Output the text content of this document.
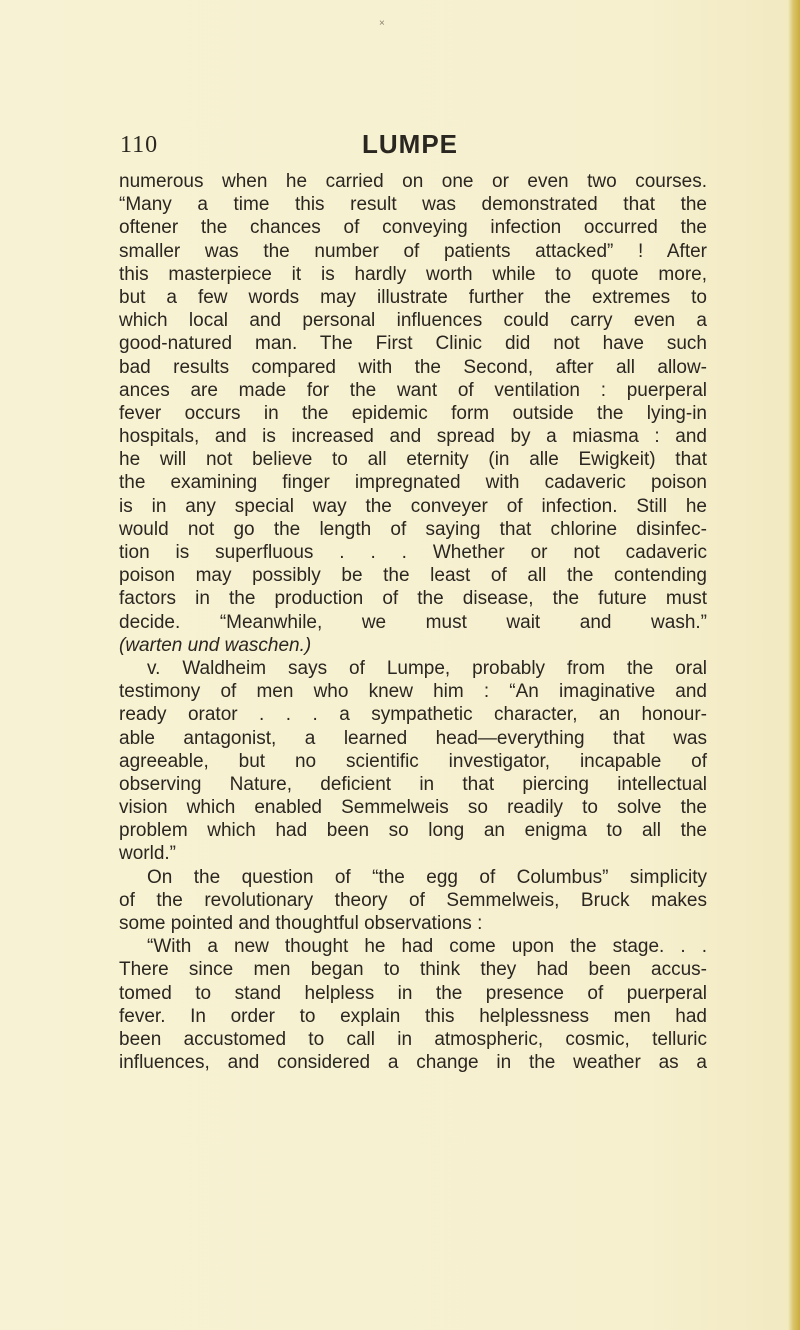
×
110	LUMPE
numerous when he carried on one or even two courses.
“Many a time this result was demonstrated that the
oftener the chances of conveying infection occurred the
smaller was the number of patients attacked” ! After
this masterpiece it is hardly worth while to quote more,
but a few words may illustrate further the extremes to
which local and personal influences could carry even a
good-natured man. The First Clinic did not have such
bad results compared with the Second, after all allow-
ances are made for the want of ventilation : puerperal
fever occurs in the epidemic form outside the lying-in
hospitals, and is increased and spread by a miasma : and
he will not believe to all eternity (in alle Ewigkeit) that
the examining finger impregnated with cadaveric poison
is in any special way the conveyer of infection. Still he
would not go the length of saying that chlorine disinfec-
tion is superfluous . . . Whether or not cadaveric
poison may possibly be the least of all the contending
factors in the production of the disease, the future must
decide. “Meanwhile, we must wait and wash.”
(warten und waschen.)
v. Waldheim says of Lumpe, probably from the oral
testimony of men who knew him : “An imaginative and
ready orator . . . a sympathetic character, an honour-
able antagonist, a learned head—everything that was
agreeable, but no scientific investigator, incapable of
observing Nature, deficient in that piercing intellectual
vision which enabled Semmelweis so readily to solve the
problem which had been so long an enigma to all the
world.”
On the question of “the egg of Columbus” simplicity
of the revolutionary theory of Semmelweis, Bruck makes
some pointed and thoughtful observations :
“With a new thought he had come upon the stage. . .
There since men began to think they had been accus-
tomed to stand helpless in the presence of puerperal
fever. In order to explain this helplessness men had
been accustomed to call in atmospheric, cosmic, telluric
influences, and considered a change in the weather as a
